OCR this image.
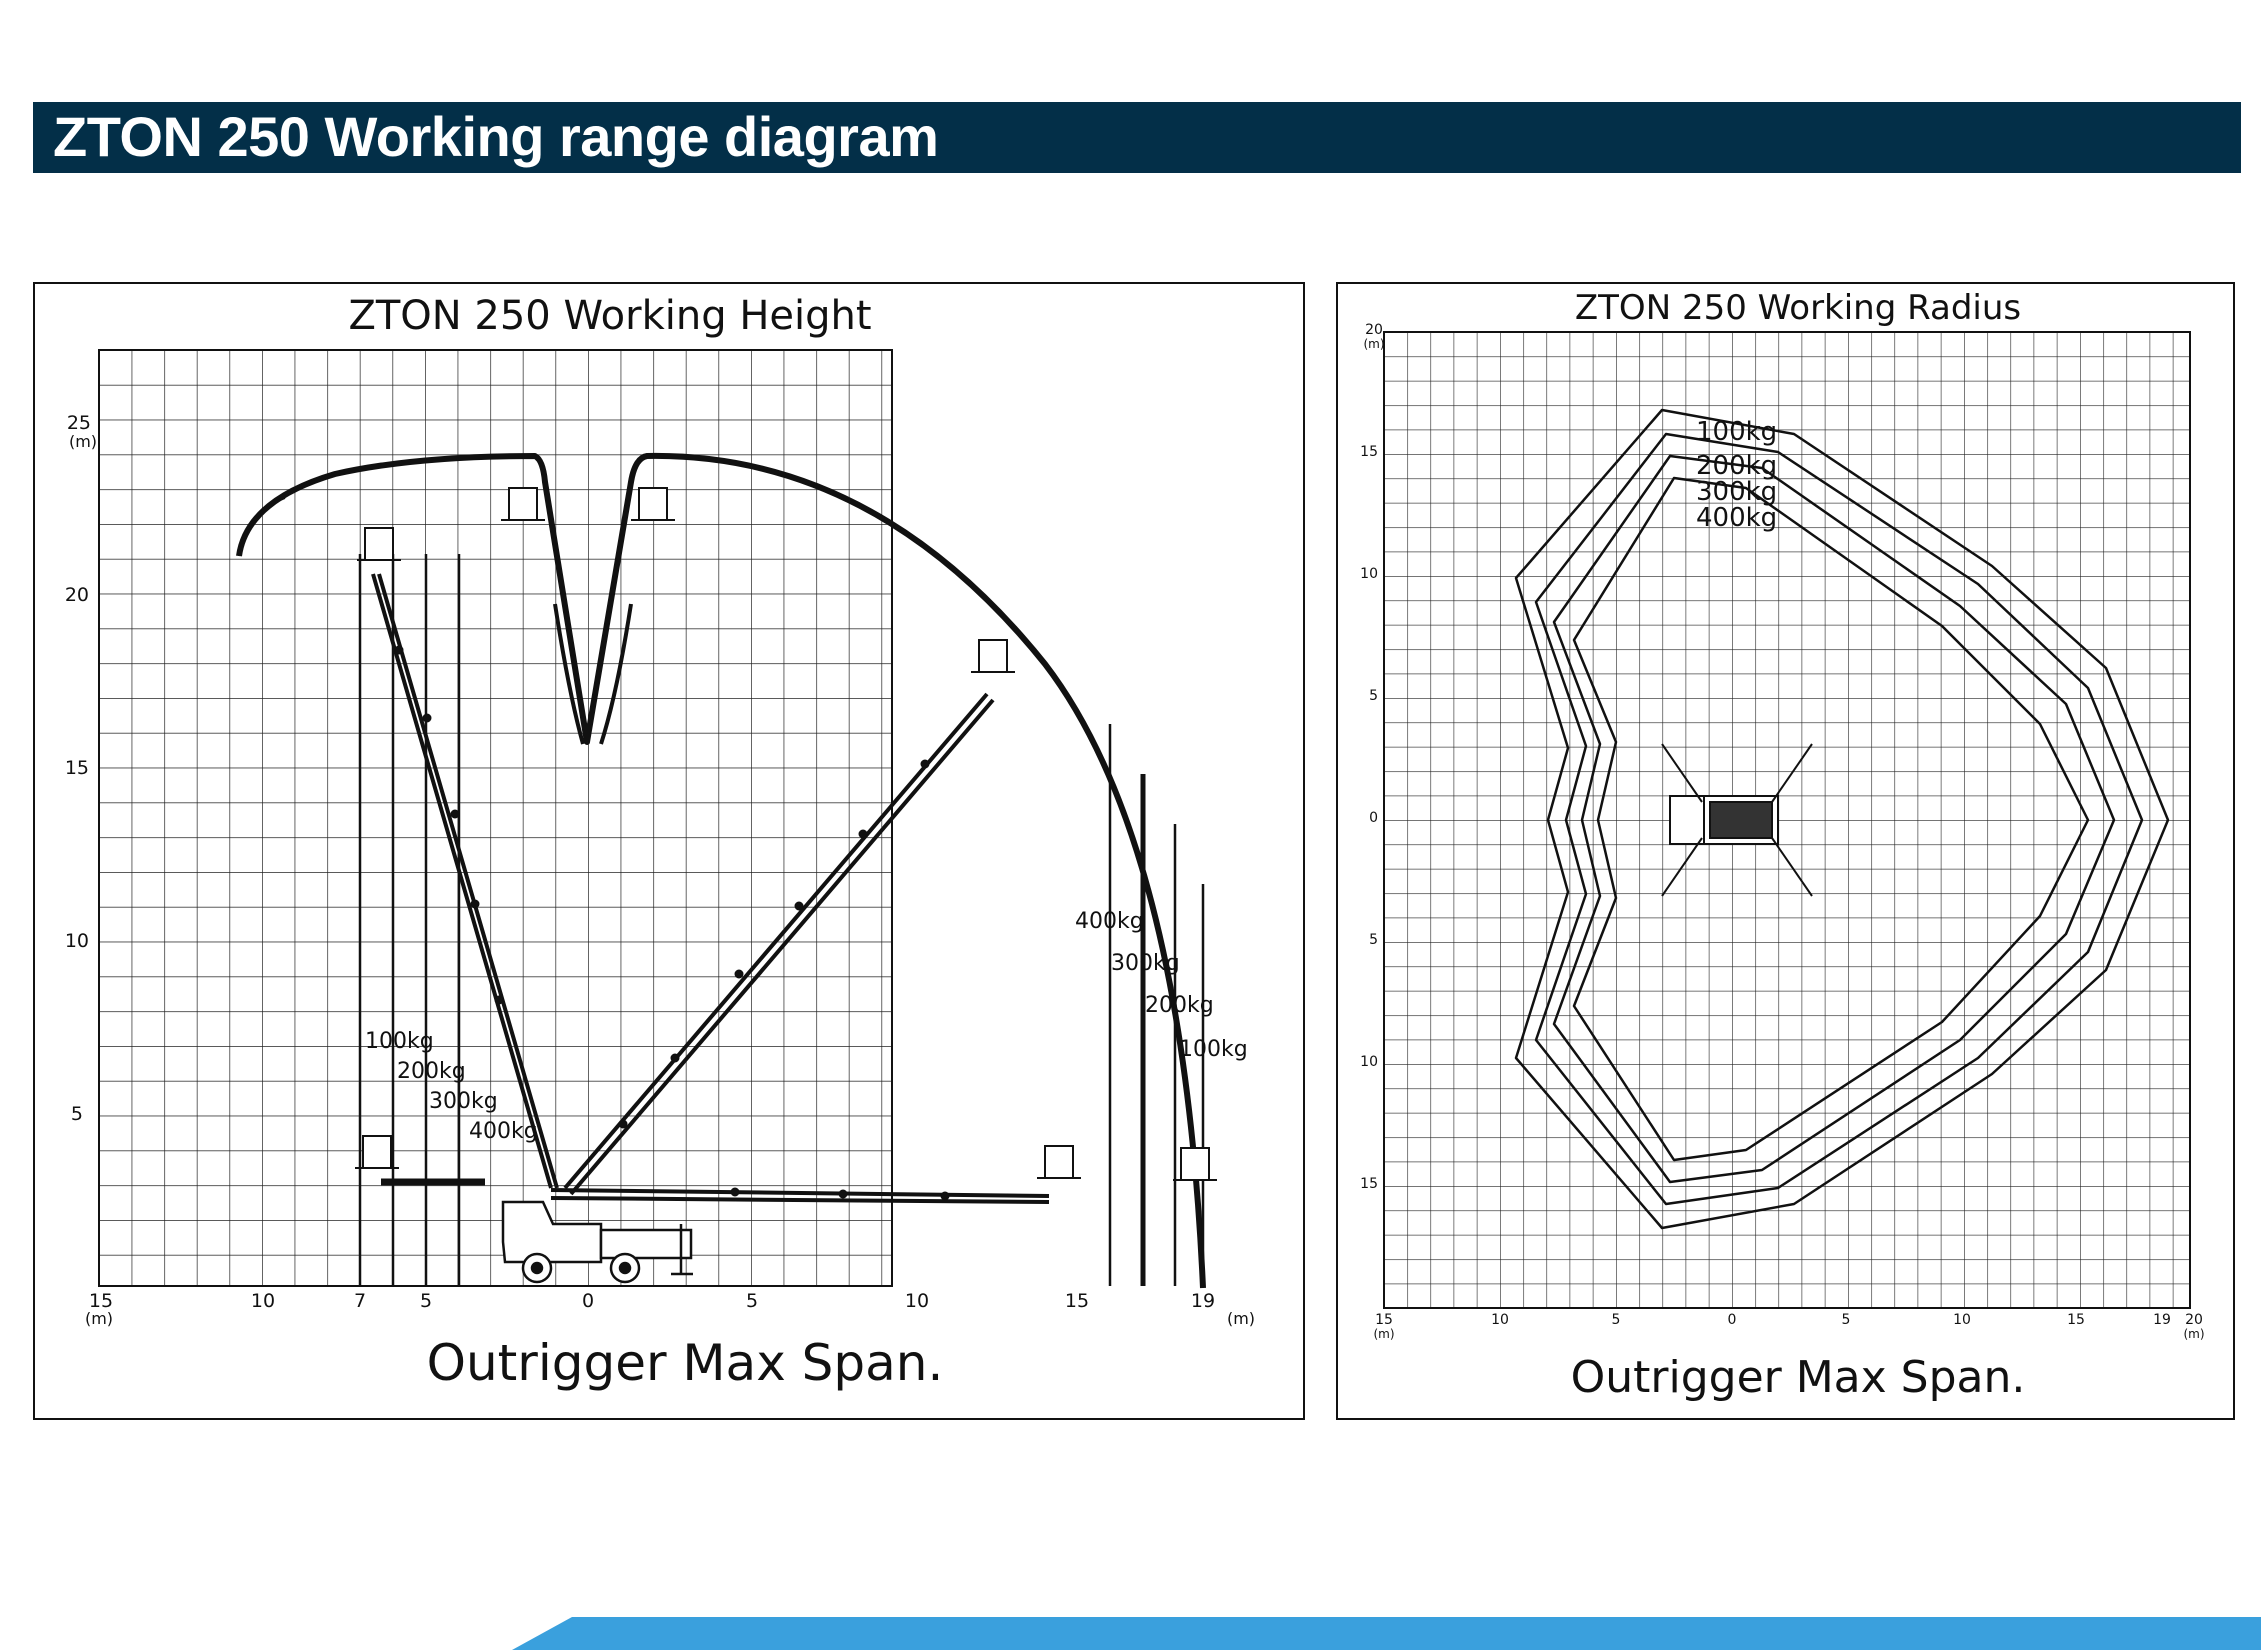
ZTON 250 Working range diagram
ZTON 250 Working Height
5
10
15
20
25
(m)
15	10	7	5	0	5	10	15	19
(m)	(m)
100kg
200kg
300kg
400kg
400kg
300kg
200kg
100kg
Outrigger Max Span.
ZTON 250 Working Radius
20
(m)
15
10
5
0
5
10
15
15	10	5	0	5	10	15	19 20
(m)	(m)
100kg
200kg
300kg
400kg
Outrigger Max Span.
